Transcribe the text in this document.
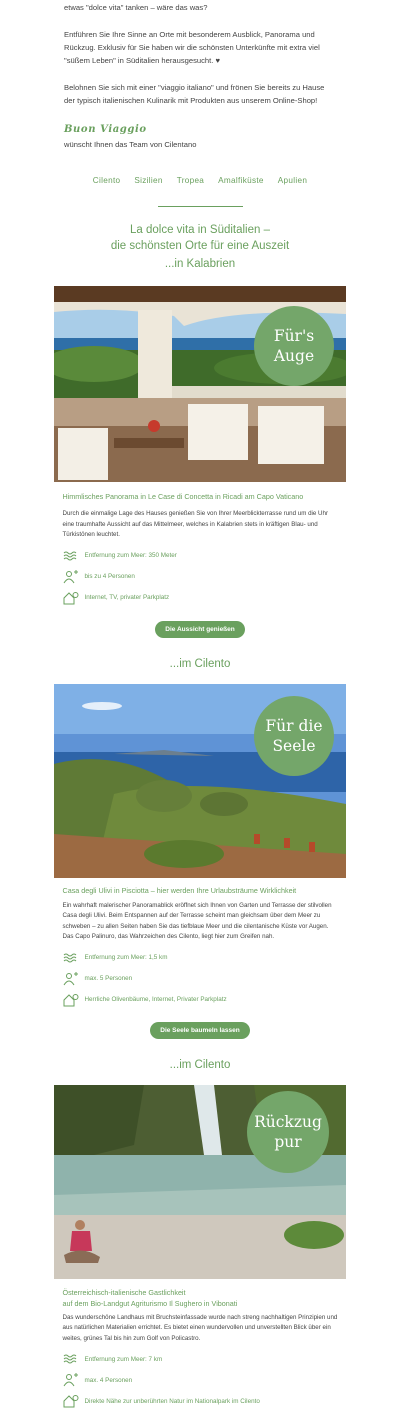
etwas "dolce vita" tanken – wäre das was?

Entführen Sie Ihre Sinne an Orte mit besonderem Ausblick, Panorama und Rückzug. Exklusiv für Sie haben wir die schönsten Unterkünfte mit extra viel "süßem Leben" in Süditalien herausgesucht. ♥

Belohnen Sie sich mit einer "viaggio italiano" und frönen Sie bereits zu Hause der typisch italienischen Kulinarik mit Produkten aus unserem Online-Shop!

Buon Viaggio
wünscht Ihnen das Team von Cilentano
Cilento Sizilien Tropea Amalfiküste Apulien
La dolce vita in Süditalien –
die schönsten Orte für eine Auszeit
...in Kalabrien
Für's
Auge
Himmlisches Panorama in Le Case di Concetta in Ricadi am Capo Vaticano
Durch die einmalige Lage des Hauses genießen Sie von Ihrer Meerblickterrasse rund um die Uhr eine traumhafte Aussicht auf das Mittelmeer, welches in Kalabrien stets in kräftigen Blau- und Türkistönen leuchtet.
Entfernung zum Meer: 350 Meter
bis zu 4 Personen
Internet, TV, privater Parkplatz
Die Aussicht genießen
...im Cilento
Für die
Seele
Casa degli Ulivi in Pisciotta – hier werden Ihre Urlaubsträume Wirklichkeit
Ein wahrhaft malerischer Panoramablick eröffnet sich Ihnen von Garten und Terrasse der stilvollen Casa degli Ulivi. Beim Entspannen auf der Terrasse scheint man gleichsam über dem Meer zu schweben – zu allen Seiten haben Sie das tiefblaue Meer und die cilentanische Küste vor Augen. Das Capo Palinuro, das Wahrzeichen des Cilento, liegt hier zum Greifen nah.
Entfernung zum Meer: 1,5 km
max. 5 Personen
Herrliche Olivenbäume, Internet, Privater Parkplatz
Die Seele baumeln lassen
...im Cilento
Rückzug
pur
Österreichisch-italienische Gastlichkeit
auf dem Bio-Landgut Agriturismo Il Sughero in Vibonati
Das wunderschöne Landhaus mit Bruchsteinfassade wurde nach streng nachhaltigen Prinzipien und aus natürlichen Materialien errichtet. Es bietet einen wundervollen und unverstellten Blick über ein weites, grünes Tal bis hin zum Golf von Policastro.
Entfernung zum Meer: 7 km
max. 4 Personen
Direkte Nähe zur unberührten Natur im Nationalpark im Cilento
